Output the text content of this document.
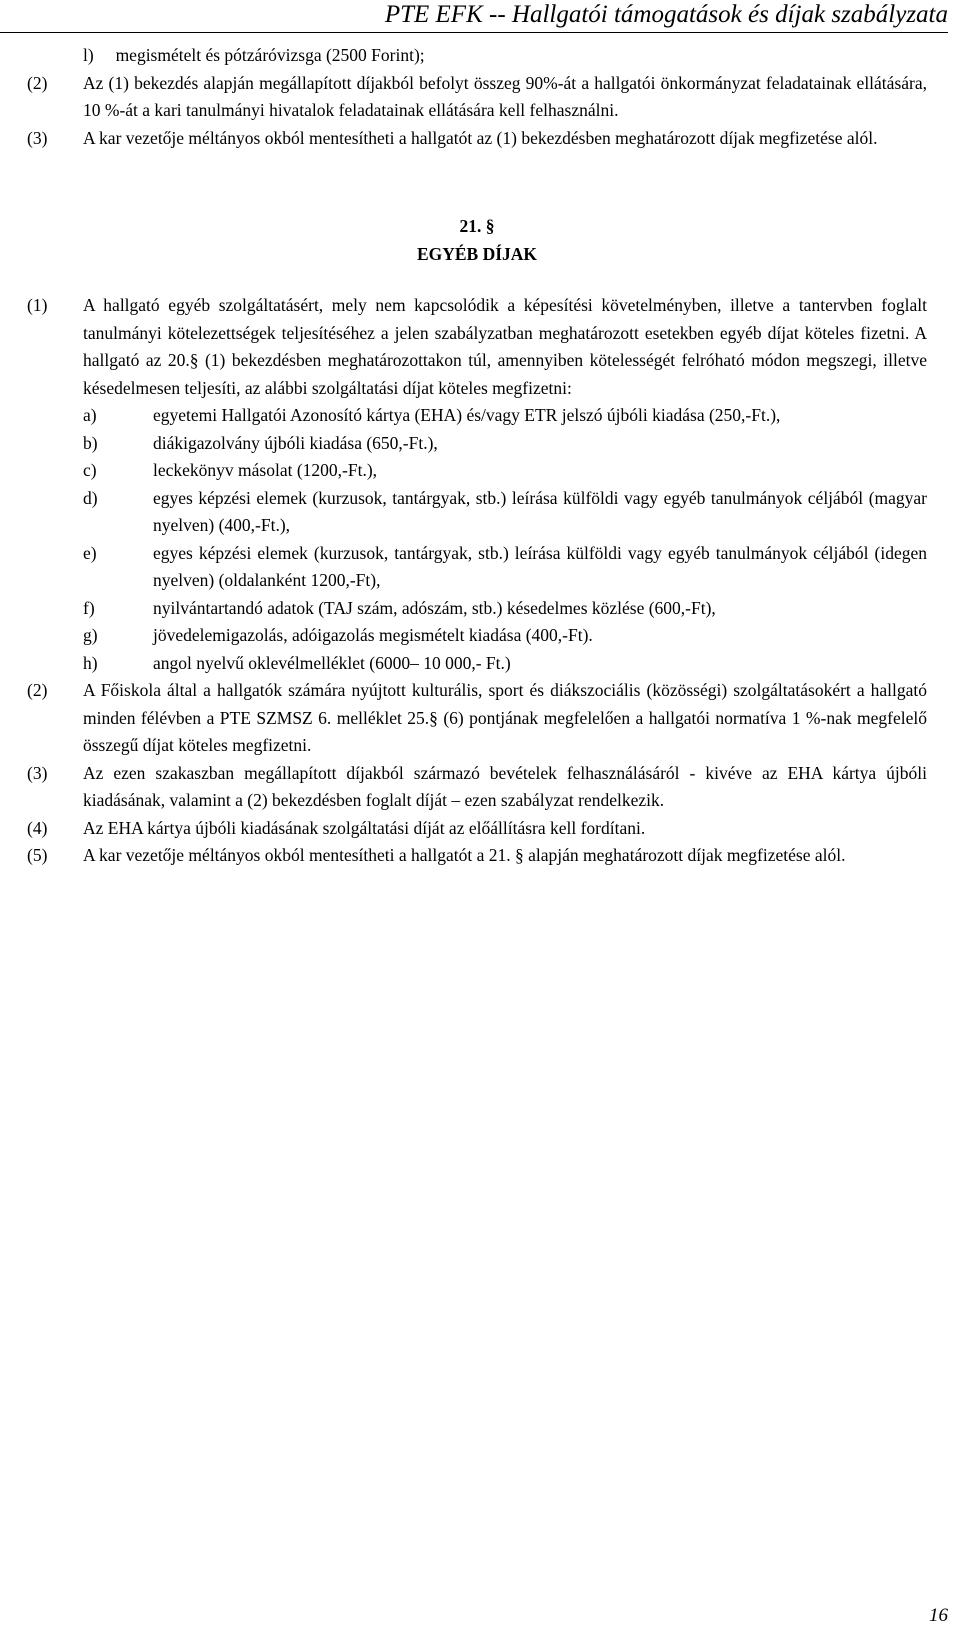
PTE EFK -- Hallgatói támogatások és díjak szabályzata
l)     megismételt és pótzáróvizsga (2500 Forint);
(2) Az (1) bekezdés alapján megállapított díjakból befolyt összeg 90%-át a hallgatói önkormányzat feladatainak ellátására, 10 %-át a kari tanulmányi hivatalok feladatainak ellátására kell felhasználni.
(3) A kar vezetője méltányos okból mentesítheti a hallgatót az (1) bekezdésben meghatározott díjak megfizetése alól.
21. §
EGYÉB DÍJAK
(1) A hallgató egyéb szolgáltatásért, mely nem kapcsolódik a képesítési követelményben, illetve a tantervben foglalt tanulmányi kötelezettségek teljesítéséhez a jelen szabályzatban meghatározott esetekben egyéb díjat köteles fizetni. A hallgató az 20.§ (1) bekezdésben meghatározottakon túl, amennyiben kötelességét felróható módon megszegi, illetve késedelmesen teljesíti, az alábbi szolgáltatási díjat köteles megfizetni:
a)	egyetemi Hallgatói Azonosító kártya (EHA) és/vagy ETR jelszó újbóli kiadása (250,-Ft.),
b)	diákigazolvány újbóli kiadása (650,-Ft.),
c)	leckekönyv másolat (1200,-Ft.),
d)	egyes képzési elemek (kurzusok, tantárgyak, stb.) leírása külföldi vagy egyéb tanulmányok céljából (magyar nyelven) (400,-Ft.),
e)	egyes képzési elemek (kurzusok, tantárgyak, stb.) leírása külföldi vagy egyéb tanulmányok céljából (idegen nyelven) (oldalanként 1200,-Ft),
f)	nyilvántartandó adatok (TAJ szám, adószám, stb.) késedelmes közlése (600,-Ft),
g)	jövedelemigazolás, adóigazolás megismételt kiadása (400,-Ft).
h)	angol nyelvű oklevélmelléklet (6000– 10 000,- Ft.)
(2) A Főiskola által a hallgatók számára nyújtott kulturális, sport és diákszociális (közösségi) szolgáltatásokért a hallgató minden félévben a PTE SZMSZ 6. melléklet 25.§ (6) pontjának megfelelően a hallgatói normatíva 1 %-nak megfelelő összegű díjat köteles megfizetni.
(3) Az ezen szakaszban megállapított díjakból származó bevételek felhasználásáról - kivéve az EHA kártya újbóli kiadásának, valamint a (2) bekezdésben foglalt díját – ezen szabályzat rendelkezik.
(4) Az EHA kártya újbóli kiadásának szolgáltatási díját az előállításra kell fordítani.
(5) A kar vezetője méltányos okból mentesítheti a hallgatót a 21. § alapján meghatározott díjak megfizetése alól.
16
